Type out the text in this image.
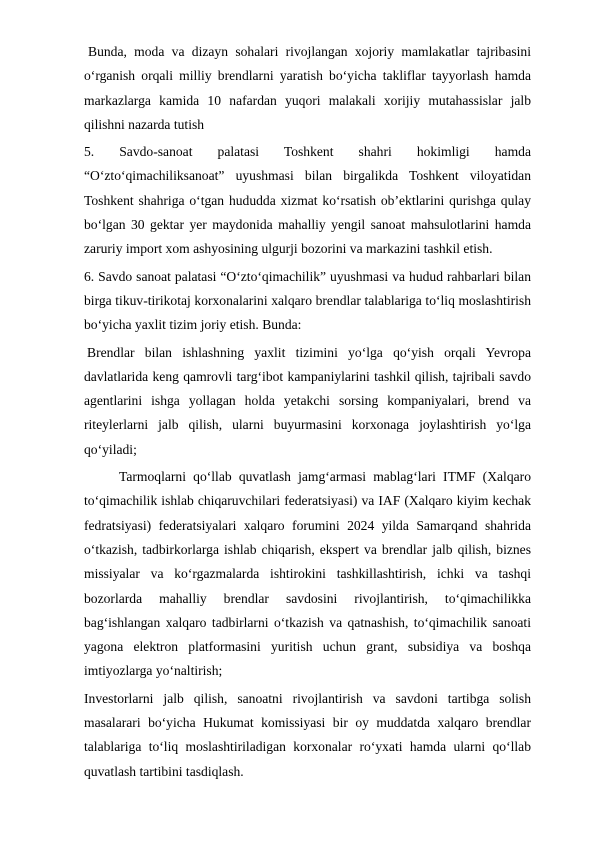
Bunda, moda va dizayn sohalari rivojlangan xojoriy mamlakatlar tajribasini o‘rganish orqali milliy brendlarni yaratish bo‘yicha takliflar tayyorlash hamda markazlarga kamida 10 nafardan yuqori malakali xorijiy mutahassislar jalb qilishni nazarda tutish

5. Savdo-sanoat palatasi Toshkent shahri hokimligi hamda “O‘zto‘qimachiliksanoat” uyushmasi bilan birgalikda Toshkent viloyatidan Toshkent shahriga o‘tgan hududda xizmat ko‘rsatish ob’ektlarini qurishga qulay bo‘lgan 30 gektar yer maydonida mahalliy yengil sanoat mahsulotlarini hamda zaruriy import xom ashyosining ulgurji bozorini va markazini tashkil etish.

6. Savdo sanoat palatasi “O‘zto‘qimachilik” uyushmasi va hudud rahbarlari bilan birga tikuv-tirikotaj korxonalarini xalqaro brendlar talablariga to‘liq moslashtirish bo‘yicha yaxlit tizim joriy etish. Bunda:

Brendlar bilan ishlashning yaxlit tizimini yo‘lga qo‘yish orqali Yevropa davlatlarida keng qamrovli targ‘ibot kampaniylarini tashkil qilish, tajribali savdo agentlarini ishga yollagan holda yetakchi sorsing kompaniyalari, brend va riteylerlarni jalb qilish, ularni buyurmasini korxonaga joylashtirish yo‘lga qo‘yiladi;

Tarmoqlarni qo‘llab quvatlash jamg‘armasi mablag‘lari ITMF (Xalqaro to‘qimachilik ishlab chiqaruvchilari federatsiyasi) va IAF (Xalqaro kiyim kechak fedratsiyasi) federatsiyalari xalqaro forumini 2024 yilda Samarqand shahrida o‘tkazish, tadbirkorlarga ishlab chiqarish, ekspert va brendlar jalb qilish, biznes missiyalar va ko‘rgazmalarda ishtirokini tashkillashtirish, ichki va tashqi bozorlarda mahalliy brendlar savdosini rivojlantirish, to‘qimachilikka bag‘ishlangan xalqaro tadbirlarni o‘tkazish va qatnashish, to‘qimachilik sanoati yagona elektron platformasini yuritish uchun grant, subsidiya va boshqa imtiyozlarga yo‘naltirish;

Investorlarni jalb qilish, sanoatni rivojlantirish va savdoni tartibga solish masalarari bo‘yicha Hukumat komissiyasi bir oy muddatda xalqaro brendlar talablariga to‘liq moslashtiriladigan korxonalar ro‘yxati hamda ularni qo‘llab quvatlash tartibini tasdiqlash.
